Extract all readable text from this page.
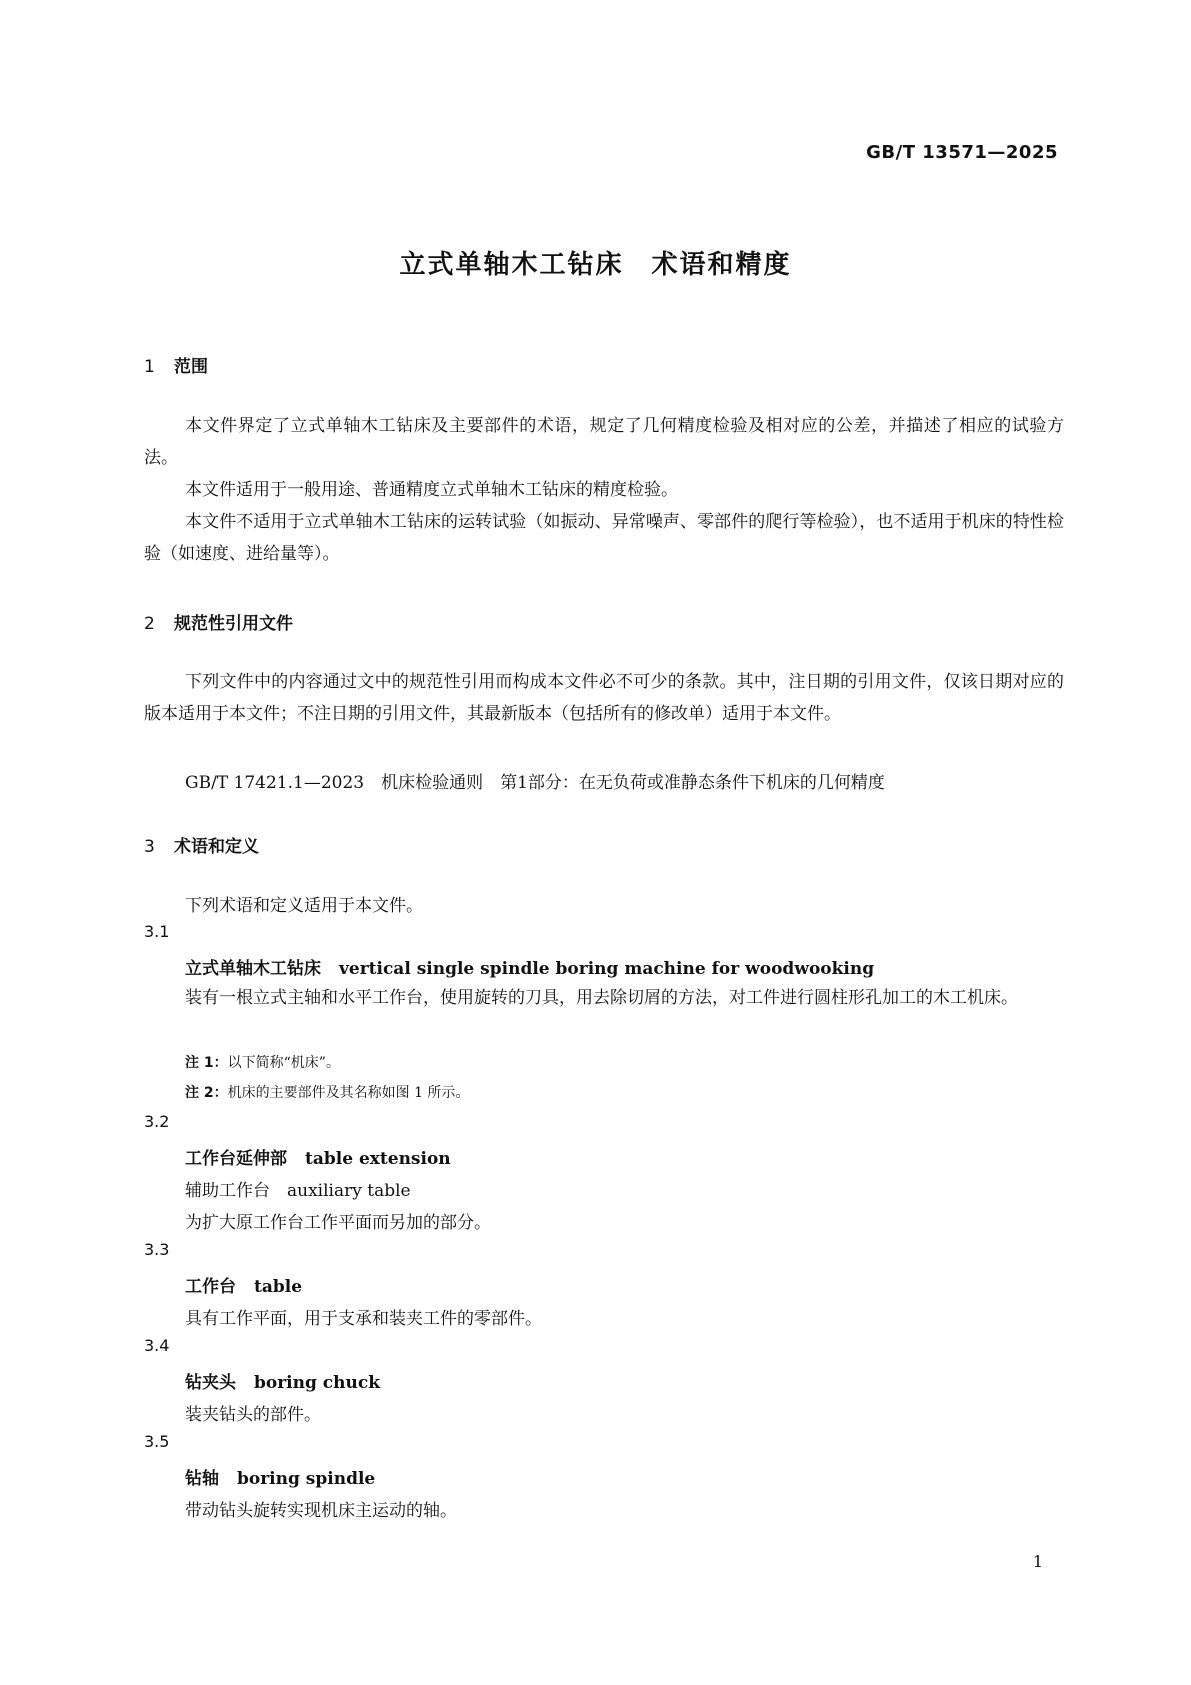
GB/T 13571—2025
立式单轴木工钻床　术语和精度
1 范围
本文件界定了立式单轴木工钻床及主要部件的术语，规定了几何精度检验及相对应的公差，并描述了相应的试验方法。
本文件适用于一般用途、普通精度立式单轴木工钻床的精度检验。
本文件不适用于立式单轴木工钻床的运转试验（如振动、异常噪声、零部件的爬行等检验），也不适用于机床的特性检验（如速度、进给量等）。
2 规范性引用文件
下列文件中的内容通过文中的规范性引用而构成本文件必不可少的条款。其中，注日期的引用文件，仅该日期对应的版本适用于本文件；不注日期的引用文件，其最新版本（包括所有的修改单）适用于本文件。
GB/T 17421.1—2023　机床检验通则　第1部分：在无负荷或准静态条件下机床的几何精度
3 术语和定义
下列术语和定义适用于本文件。
3.1
立式单轴木工钻床 vertical single spindle boring machine for woodwooking
装有一根立式主轴和水平工作台，使用旋转的刀具，用去除切屑的方法，对工件进行圆柱形孔加工的木工机床。
注 1：以下简称“机床”。
注 2：机床的主要部件及其名称如图 1 所示。
3.2
工作台延伸部 table extension
辅助工作台　auxiliary table
为扩大原工作台工作平面而另加的部分。
3.3
工作台 table
具有工作平面，用于支承和装夹工件的零部件。
3.4
钻夹头 boring chuck
装夹钻头的部件。
3.5
钻轴 boring spindle
带动钻头旋转实现机床主运动的轴。
1
